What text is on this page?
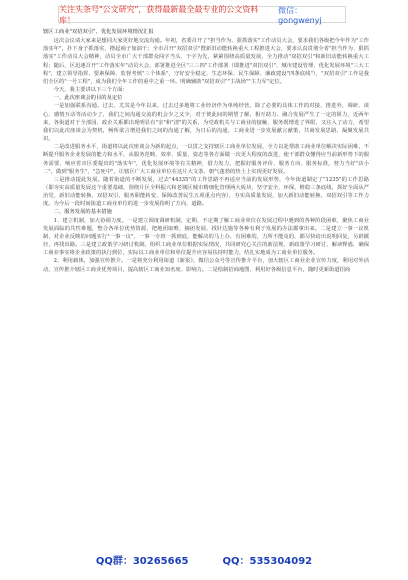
关注头条号"公文研究"，获得最新最全最专业的公文资料库！
微信：gongwenyj

辖区工商业"双招双引"、优化发展环境情况汇报

这次会议请大家来是想同大家更好地交流沟通。年初，省委召开了"担当作为、狠抓落实"工作动员大会，要求我们各级把今年作为"工作落实年"，扑下身子抓落实，撸起袖子加油干；全市召开"双招双引"暨新旧动能转换重大工程推进大会，要求认真贯彻全省"担当作为、狠抓落实"工作动员大会精神，动员全市广大干部群众闯字当头、干字为先，紧紧围绕高质量发展，全力推动"双招双引"和新旧动能转换重大工程；随后，区迅速召开"工作落实年"动员大会，部署推进全区"三三四"工作部署（即推进"双招双引"、城市建设管理、优化发展环境"三大工程"，建立领导指挥、要素保障、监督考核"三个体系"，守好安全稳定、生态环保、民生保障、廉政建设"四条底线"），"双招双引"工作是我们全区的"一号工程"，成为我们全年工作的重中之重一环。明确辅助"双招双引""主战场""主力军"定位。

今天，我主要讲以下三个方面：

一、此次座谈会的目的及定位

一是加强联系沟通。过去，尤其是今年以来，过去过多地将工业经济作为单纯经营，除了必要的具体工作的对接、推进外，调研、谈心、感情互动等活动少了，我们之间沟通交流的机会少之又少，对于彼此间的期望了解，相互助力、融合发展严生了一定的阻力，近两年来，各街道对于全部园、政企关系都出现明显有"亲"和"清"的关系，为党政机关与工商业的接触、服务既增进了界限，又注入了动力，希望我们以此次座谈会为契机，畅所欲言增进我们之间的沟通了解，为日后的沟通、工商业进一步发展献言献策，共商发展思路，凝聚发展共识。

二是改进服务水平，街道将以此次座谈会为新的起点，一以贯之支持辖区工商业单位发展，全力以赴帮助工商业单位解决实际困难，不断提升服务企业发展的能力和水平，从服务范畴、效率、质量、姿态等各方面做一次更大程度的改进，使干部群众懂得应当前新形势下的服务需要，响应省市区委提出的"落实年"，优化发展环境等有关精神，借力发力，把握好服务评价、服务方向、服务标准，努力当好"店小二"，做到"服务生"，"急死中"，让辖区广大工商业单位在这片大文茶、朝气蓬勃的热土上实现更好发展。

三是推动提此发展。随着街道的不断发展，过去"44335"的工作思路不再适应当前的发展形势，今年街道制定了"1235"的工作思路（即夯实高质量发展这个重要基础，围绕片区全科振兴和老城区城市精细化管理两大板块，坚守安全、环保、维稳三条底线，抓好全面从严治党、新旧动能转换、双招双引、服务职能转变、保障改善民生五项重点内容），夯实高质量发展，加大新旧动能转换、双招双引等工作力度。为今后一段时间街道工商业单位的进一步发展指明了方向、道路。

二、服务发展的基本措施

1、建立机制，加大协调力度。一是建立调度调研机制，定期、不定期了解工商业单位在发展过程中遇到的各种阶段困难，聚焦工商业发展面临的共性难题，整合各单位优势资源，把地团取唯、摘团发展，找针达施等各种有利于发展的办法都拿出来。二是建立一事一议机制，对企业反映的问题实行"一事一议"，一事一专班一抓到底，能解决的马上办，有困难的，力所不能及的，都尽快给出说明回复，另辟蹊径，再找出路。三是建立政策学习研讨机制。组织工商业单位根据实际情况，共同研究心关注的新法规、新政策学习研讨，解读释惑，确保工商业事实将企业政策的执行到位，实际以工商业单位和单位提升应容易扶持时能力，结扎实地成为工商业单位服务。

2、利用载体，加强宣传推介。一是将充分利用街道《新报》，微信公众号等宣传推介平台，加大辖区工商业企业宣传力度，利用对外活动，宣传推介辖区工商业优势项目，提高辖区工商业知名度、影响力。二是绘制招商地图，利用好各级信息平台，随时更新街道招商

QQ群：30265665	QQ：535304092
